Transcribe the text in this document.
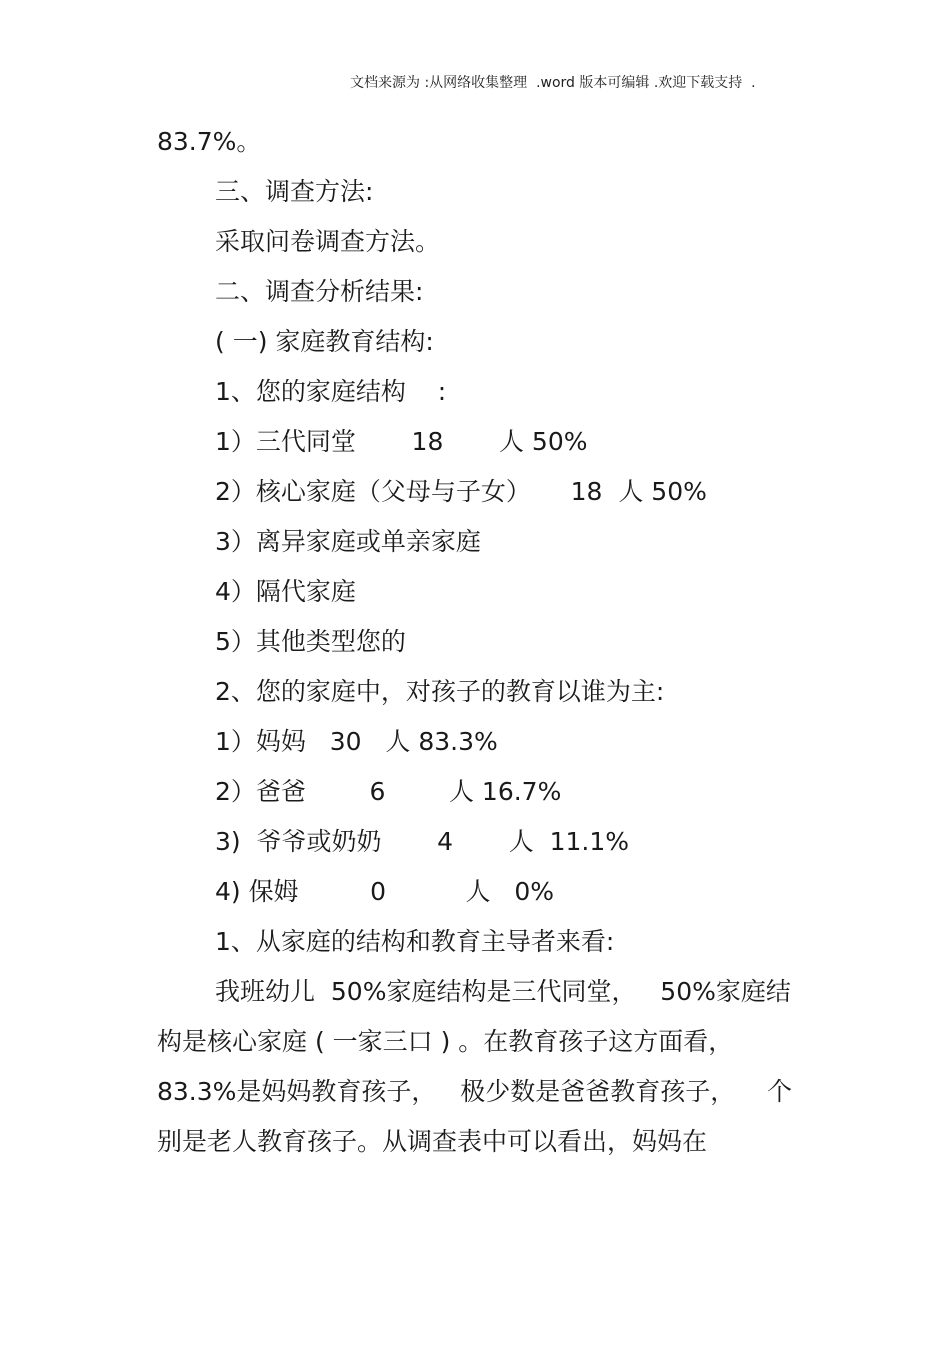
文档来源为 :从网络收集整理  .word 版本可编辑 .欢迎下载支持  .
83.7%。
三、调查方法:
采取问卷调查方法。
二、调查分析结果:
( 一) 家庭教育结构:
1、您的家庭结构    :
1）三代同堂       18       人 50%
2）核心家庭（父母与子女）     18  人 50%
3）离异家庭或单亲家庭
4）隔代家庭
5）其他类型您的
2、您的家庭中，对孩子的教育以谁为主:
1）妈妈   30   人 83.3%
2）爸爸        6        人 16.7%
3)  爷爷或奶奶       4       人  11.1%
4) 保姆         0          人   0%
1、从家庭的结构和教育主导者来看:
我班幼儿  50%家庭结构是三代同堂，   50%家庭结
构是核心家庭 ( 一家三口 ) 。在教育孩子这方面看，
83.3%是妈妈教育孩子，   极少数是爸爸教育孩子，    个
别是老人教育孩子。从调查表中可以看出，妈妈在
